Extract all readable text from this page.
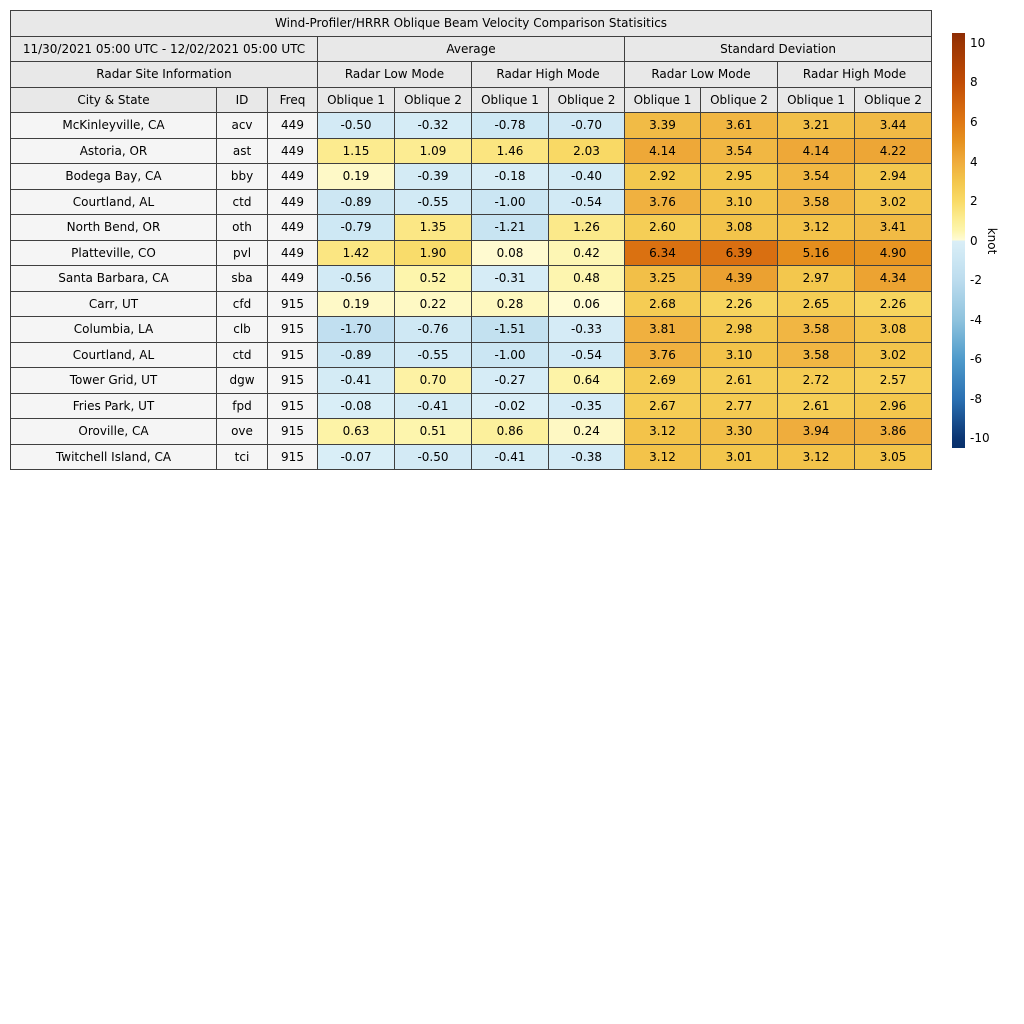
Wind-Profiler/HRRR Oblique Beam Velocity Comparison Statisitics										
11/30/2021 05:00 UTC - 12/02/2021 05:00 UTC			Average				Standard Deviation			
Radar Site Information			Radar Low Mode		Radar High Mode		Radar Low Mode		Radar High Mode	
City & State	ID	Freq	Oblique 1	Oblique 2	Oblique 1	Oblique 2	Oblique 1	Oblique 2	Oblique 1	Oblique 2
McKinleyville, CA	acv	449	-0.50	-0.32	-0.78	-0.70	3.39	3.61	3.21	3.44
Astoria, OR	ast	449	1.15	1.09	1.46	2.03	4.14	3.54	4.14	4.22
Bodega Bay, CA	bby	449	0.19	-0.39	-0.18	-0.40	2.92	2.95	3.54	2.94
Courtland, AL	ctd	449	-0.89	-0.55	-1.00	-0.54	3.76	3.10	3.58	3.02
North Bend, OR	oth	449	-0.79	1.35	-1.21	1.26	2.60	3.08	3.12	3.41
Platteville, CO	pvl	449	1.42	1.90	0.08	0.42	6.34	6.39	5.16	4.90
Santa Barbara, CA	sba	449	-0.56	0.52	-0.31	0.48	3.25	4.39	2.97	4.34
Carr, UT	cfd	915	0.19	0.22	0.28	0.06	2.68	2.26	2.65	2.26
Columbia, LA	clb	915	-1.70	-0.76	-1.51	-0.33	3.81	2.98	3.58	3.08
Courtland, AL	ctd	915	-0.89	-0.55	-1.00	-0.54	3.76	3.10	3.58	3.02
Tower Grid, UT	dgw	915	-0.41	0.70	-0.27	0.64	2.69	2.61	2.72	2.57
Fries Park, UT	fpd	915	-0.08	-0.41	-0.02	-0.35	2.67	2.77	2.61	2.96
Oroville, CA	ove	915	0.63	0.51	0.86	0.24	3.12	3.30	3.94	3.86
Twitchell Island, CA	tci	915	-0.07	-0.50	-0.41	-0.38	3.12	3.01	3.12	3.05
10
8
6
4
2
0
-2
-4
-6
-8
-10
knot
